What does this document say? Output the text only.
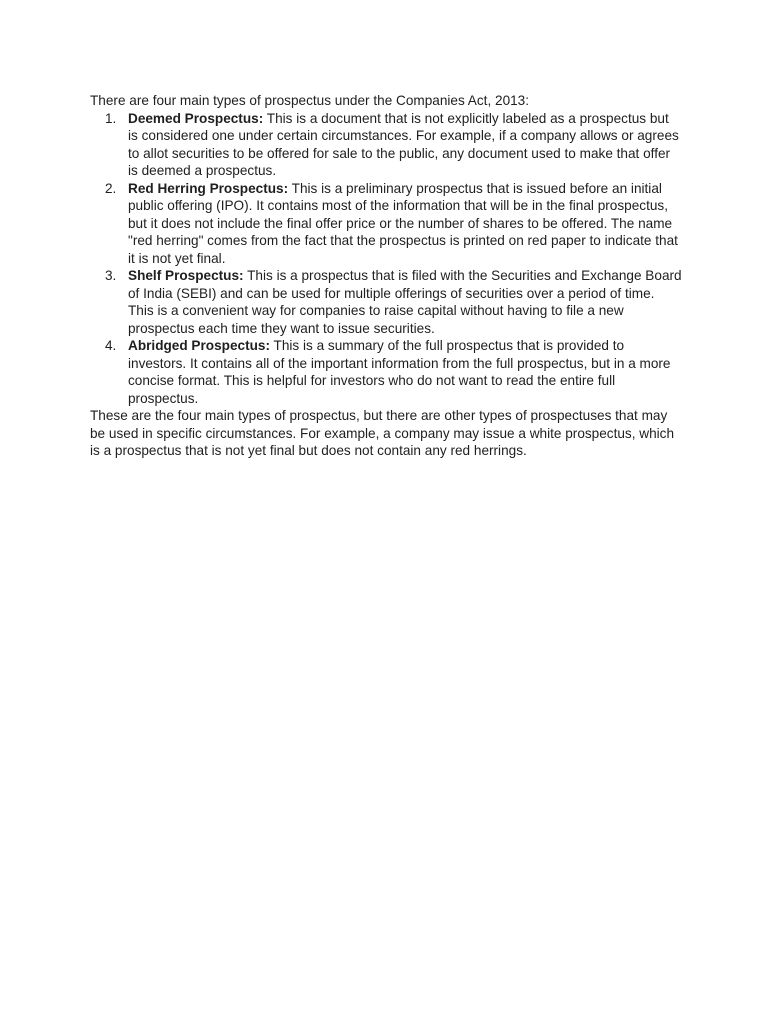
There are four main types of prospectus under the Companies Act, 2013:

1. Deemed Prospectus: This is a document that is not explicitly labeled as a prospectus but is considered one under certain circumstances. For example, if a company allows or agrees to allot securities to be offered for sale to the public, any document used to make that offer is deemed a prospectus.
2. Red Herring Prospectus: This is a preliminary prospectus that is issued before an initial public offering (IPO). It contains most of the information that will be in the final prospectus, but it does not include the final offer price or the number of shares to be offered. The name "red herring" comes from the fact that the prospectus is printed on red paper to indicate that it is not yet final.
3. Shelf Prospectus: This is a prospectus that is filed with the Securities and Exchange Board of India (SEBI) and can be used for multiple offerings of securities over a period of time. This is a convenient way for companies to raise capital without having to file a new prospectus each time they want to issue securities.
4. Abridged Prospectus: This is a summary of the full prospectus that is provided to investors. It contains all of the important information from the full prospectus, but in a more concise format. This is helpful for investors who do not want to read the entire full prospectus.

These are the four main types of prospectus, but there are other types of prospectuses that may be used in specific circumstances. For example, a company may issue a white prospectus, which is a prospectus that is not yet final but does not contain any red herrings.
